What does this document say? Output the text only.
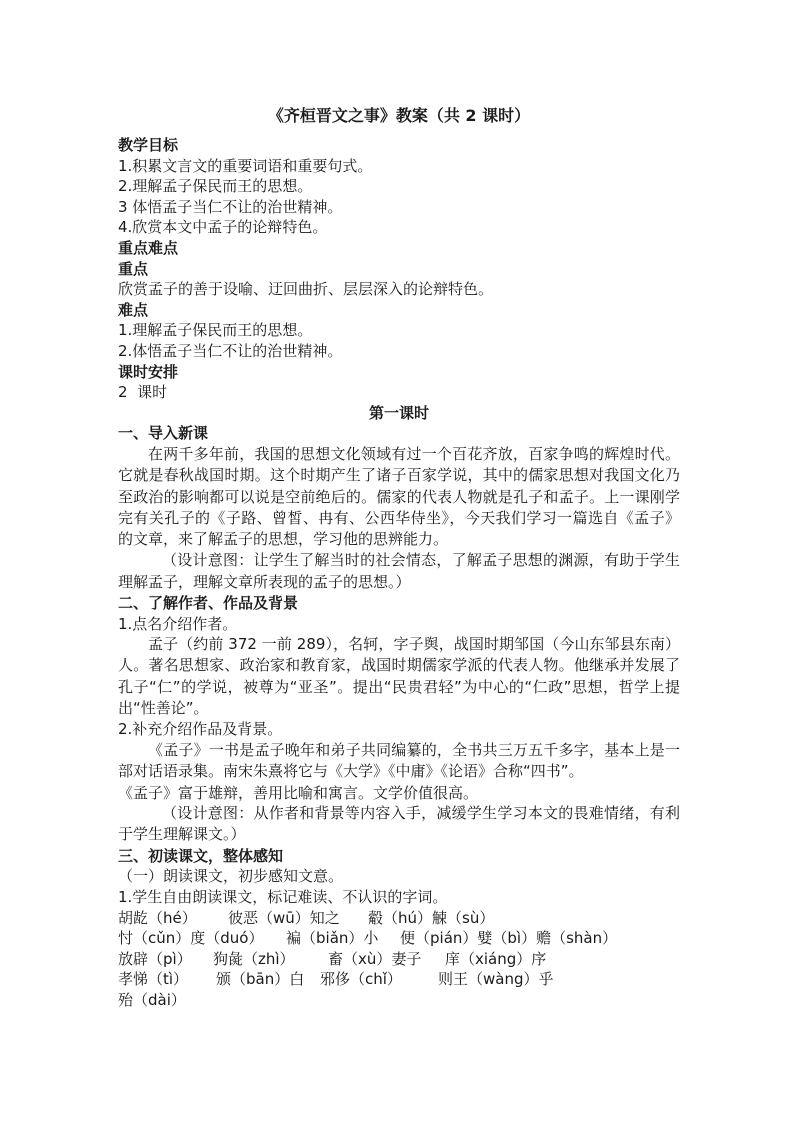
《齐桓晋文之事》教案（共 2 课时）
教学目标
1.积累文言文的重要词语和重要句式。
2.理解孟子保民而王的思想。
3 体悟孟子当仁不让的治世精神。
4.欣赏本文中孟子的论辩特色。
重点难点
重点
欣赏孟子的善于设喻、迂回曲折、层层深入的论辩特色。
难点
1.理解孟子保民而王的思想。
2.体悟孟子当仁不让的治世精神。
课时安排
2  课时
第一课时
一、导入新课
在两千多年前，我国的思想文化领域有过一个百花齐放，百家争鸣的辉煌时代。它就是春秋战国时期。这个时期产生了诸子百家学说，其中的儒家思想对我国文化乃至政治的影响都可以说是空前绝后的。儒家的代表人物就是孔子和孟子。上一课刚学完有关孔子的《子路、曾皙、冉有、公西华侍坐》，今天我们学习一篇选自《孟子》的文章，来了解孟子的思想，学习他的思辨能力。
（设计意图：让学生了解当时的社会情态，了解孟子思想的渊源，有助于学生理解孟子，理解文章所表现的孟子的思想。）
二、了解作者、作品及背景
1.点名介绍作者。
孟子（约前 372 一前 289），名轲，字子舆，战国时期邹国（今山东邹县东南）人。著名思想家、政治家和教育家，战国时期儒家学派的代表人物。他继承并发展了孔子“仁”的学说，被尊为“亚圣”。提出“民贵君轻”为中心的“仁政”思想，哲学上提出“性善论”。
2.补充介绍作品及背景。
《孟子》一书是孟子晚年和弟子共同编纂的，全书共三万五千多字，基本上是一部对话语录集。南宋朱熹将它与《大学》《中庸》《论语》合称“四书”。
《孟子》富于雄辩，善用比喻和寓言。文学价值很高。
（设计意图：从作者和背景等内容入手，减缓学生学习本文的畏难情绪，有利于学生理解课文。）
三、初读课文，整体感知
（一）朗读课文，初步感知文意。
1.学生自由朗读课文，标记难读、不认识的字词。
胡龁（hé） 彼恶（wū）知之 觳（hú）觫（sù）
忖（cǔn）度（duó） 褊（biǎn）小 便（pián）嬖（bì）赡（shàn）
放辟（pì） 狗彘（zhì） 畜（xù）妻子 庠（xiáng）序
孝悌（tì） 颁（bān）白 邪侈（chǐ） 则王（wàng）乎
殆（dài）
